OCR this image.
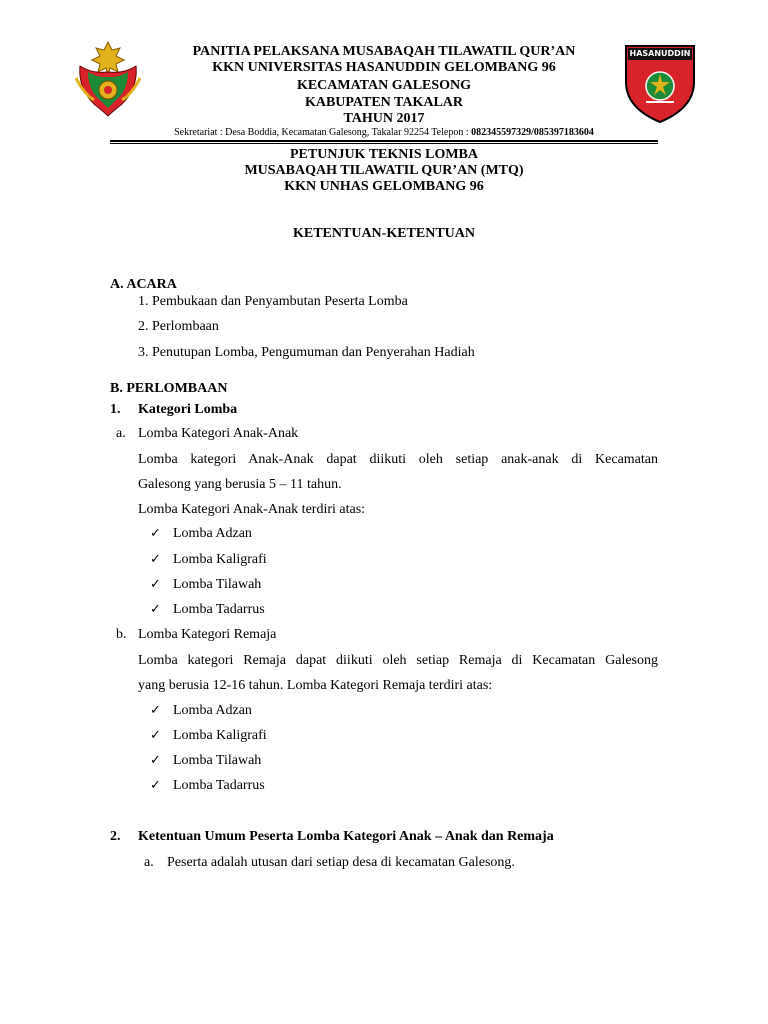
HASANUDDIN
PANITIA PELAKSANA MUSABAQAH TILAWATIL QUR’AN
KKN UNIVERSITAS HASANUDDIN GELOMBANG 96
KECAMATAN GALESONG
KABUPATEN TAKALAR
TAHUN 2017
Sekretariat : Desa Boddia, Kecamatan Galesong, Takalar 92254 Telepon : 082345597329/085397183604
PETUNJUK TEKNIS LOMBA
MUSABAQAH TILAWATIL QUR’AN (MTQ)
KKN UNHAS GELOMBANG 96
KETENTUAN-KETENTUAN
A. ACARA
1. Pembukaan dan Penyambutan Peserta Lomba
2. Perlombaan
3. Penutupan Lomba, Pengumuman dan Penyerahan Hadiah
B. PERLOMBAAN
1. Kategori Lomba
a. Lomba Kategori Anak-Anak
Lomba kategori Anak-Anak dapat diikuti oleh setiap anak-anak di Kecamatan
Galesong yang berusia 5 – 11 tahun.
Lomba Kategori Anak-Anak terdiri atas:
✓ Lomba Adzan
✓ Lomba Kaligrafi
✓ Lomba Tilawah
✓ Lomba Tadarrus
b. Lomba Kategori Remaja
Lomba kategori Remaja dapat diikuti oleh setiap Remaja di Kecamatan Galesong
yang berusia 12-16 tahun. Lomba Kategori Remaja terdiri atas:
✓ Lomba Adzan
✓ Lomba Kaligrafi
✓ Lomba Tilawah
✓ Lomba Tadarrus
2. Ketentuan Umum Peserta Lomba Kategori Anak – Anak dan Remaja
a. Peserta adalah utusan dari setiap desa di kecamatan Galesong.
